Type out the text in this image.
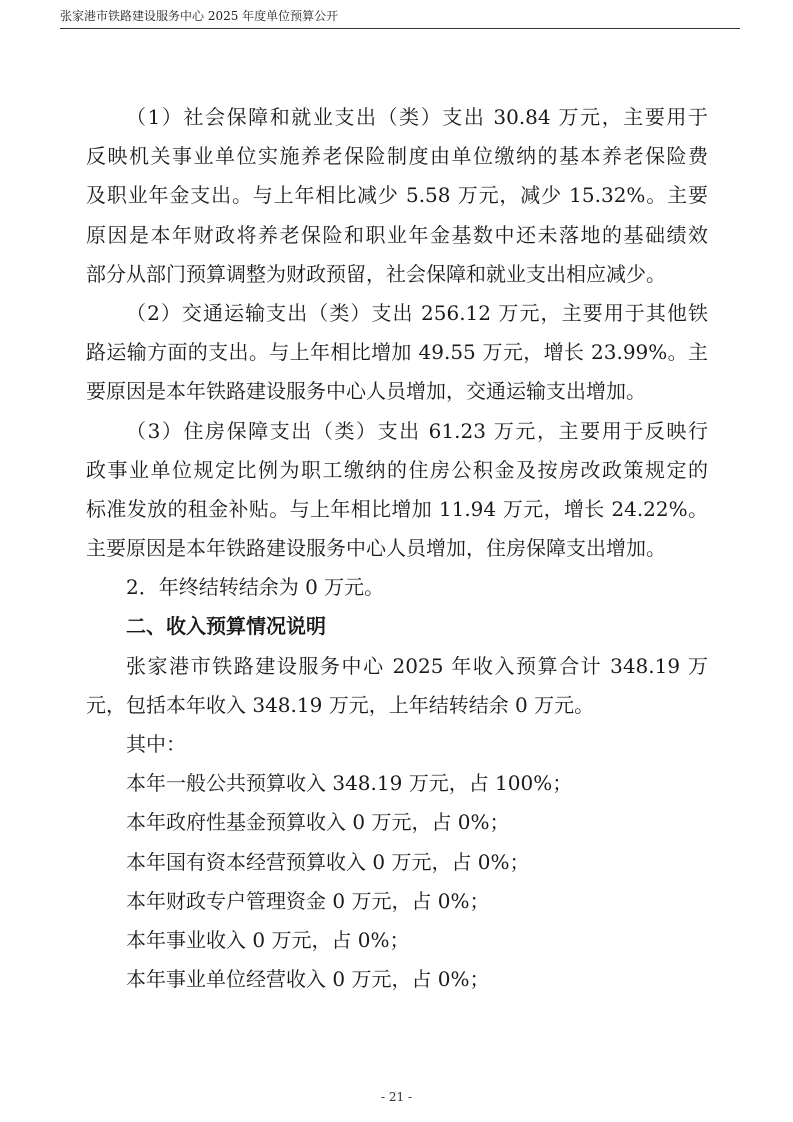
张家港市铁路建设服务中心 2025 年度单位预算公开
（1）社会保障和就业支出（类）支出 30.84 万元，主要用于
反映机关事业单位实施养老保险制度由单位缴纳的基本养老保险费
及职业年金支出。与上年相比减少 5.58 万元，减少 15.32%。主要
原因是本年财政将养老保险和职业年金基数中还未落地的基础绩效
部分从部门预算调整为财政预留，社会保障和就业支出相应减少。
（2）交通运输支出（类）支出 256.12 万元，主要用于其他铁
路运输方面的支出。与上年相比增加 49.55 万元，增长 23.99%。主
要原因是本年铁路建设服务中心人员增加，交通运输支出增加。
（3）住房保障支出（类）支出 61.23 万元，主要用于反映行
政事业单位规定比例为职工缴纳的住房公积金及按房改政策规定的
标准发放的租金补贴。与上年相比增加 11.94 万元，增长 24.22%。
主要原因是本年铁路建设服务中心人员增加，住房保障支出增加。
2．年终结转结余为 0 万元。
二、收入预算情况说明
张家港市铁路建设服务中心 2025 年收入预算合计 348.19 万
元，包括本年收入 348.19 万元，上年结转结余 0 万元。
其中：
本年一般公共预算收入 348.19 万元，占 100%；
本年政府性基金预算收入 0 万元，占 0%；
本年国有资本经营预算收入 0 万元，占 0%；
本年财政专户管理资金 0 万元，占 0%；
本年事业收入 0 万元，占 0%；
本年事业单位经营收入 0 万元，占 0%；
- 21 -
